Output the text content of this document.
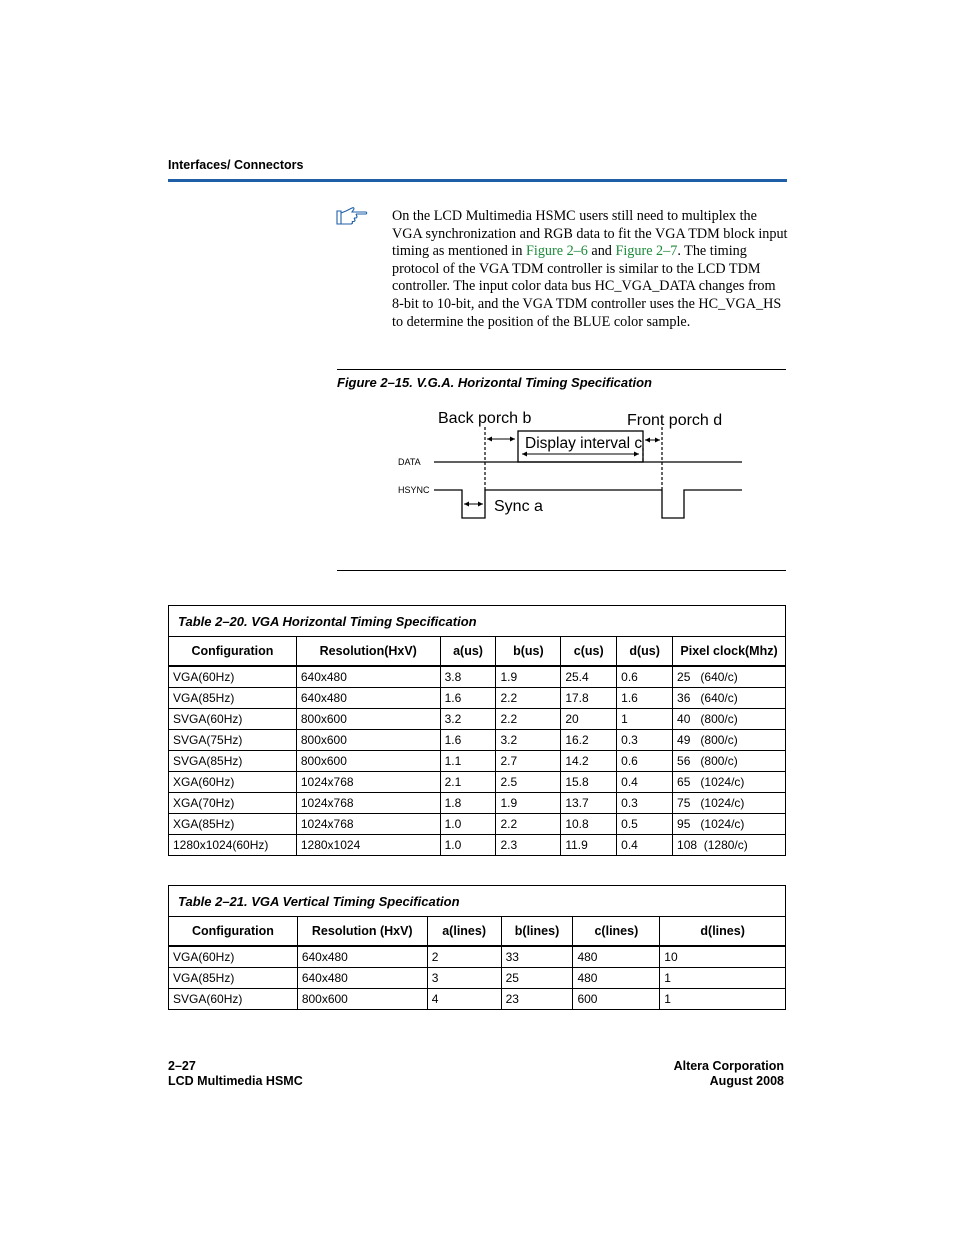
Interfaces/ Connectors
On the LCD Multimedia HSMC users still need to multiplex the VGA synchronization and RGB data to fit the VGA TDM block input timing as mentioned in Figure 2–6 and Figure 2–7. The timing protocol of the VGA TDM controller is similar to the LCD TDM controller. The input color data bus HC_VGA_DATA changes from 8-bit to 10-bit, and the VGA TDM controller uses the HC_VGA_HS to determine the position of the BLUE color sample.
Figure 2–15. V.G.A. Horizontal Timing Specification
Back porch b	Front porch d
Display interval c
Sync a
DATA
HSYNC
Table 2–20. VGA Horizontal Timing Specification						
Configuration	Resolution(HxV)	a(us)	b(us)	c(us)	d(us)	Pixel clock(Mhz)
VGA(60Hz)	640x480	3.8	1.9	25.4	0.6	25   (640/c)
VGA(85Hz)	640x480	1.6	2.2	17.8	1.6	36   (640/c)
SVGA(60Hz)	800x600	3.2	2.2	20	1	40   (800/c)
SVGA(75Hz)	800x600	1.6	3.2	16.2	0.3	49   (800/c)
SVGA(85Hz)	800x600	1.1	2.7	14.2	0.6	56   (800/c)
XGA(60Hz)	1024x768	2.1	2.5	15.8	0.4	65   (1024/c)
XGA(70Hz)	1024x768	1.8	1.9	13.7	0.3	75   (1024/c)
XGA(85Hz)	1024x768	1.0	2.2	10.8	0.5	95   (1024/c)
1280x1024(60Hz)	1280x1024	1.0	2.3	11.9	0.4	108  (1280/c)
Table 2–21. VGA Vertical Timing Specification					
Configuration	Resolution (HxV)	a(lines)	b(lines)	c(lines)	d(lines)
VGA(60Hz)	640x480	2	33	480	10
VGA(85Hz)	640x480	3	25	480	1
SVGA(60Hz)	800x600	4	23	600	1
2–27
LCD Multimedia HSMC
Altera Corporation
August 2008
